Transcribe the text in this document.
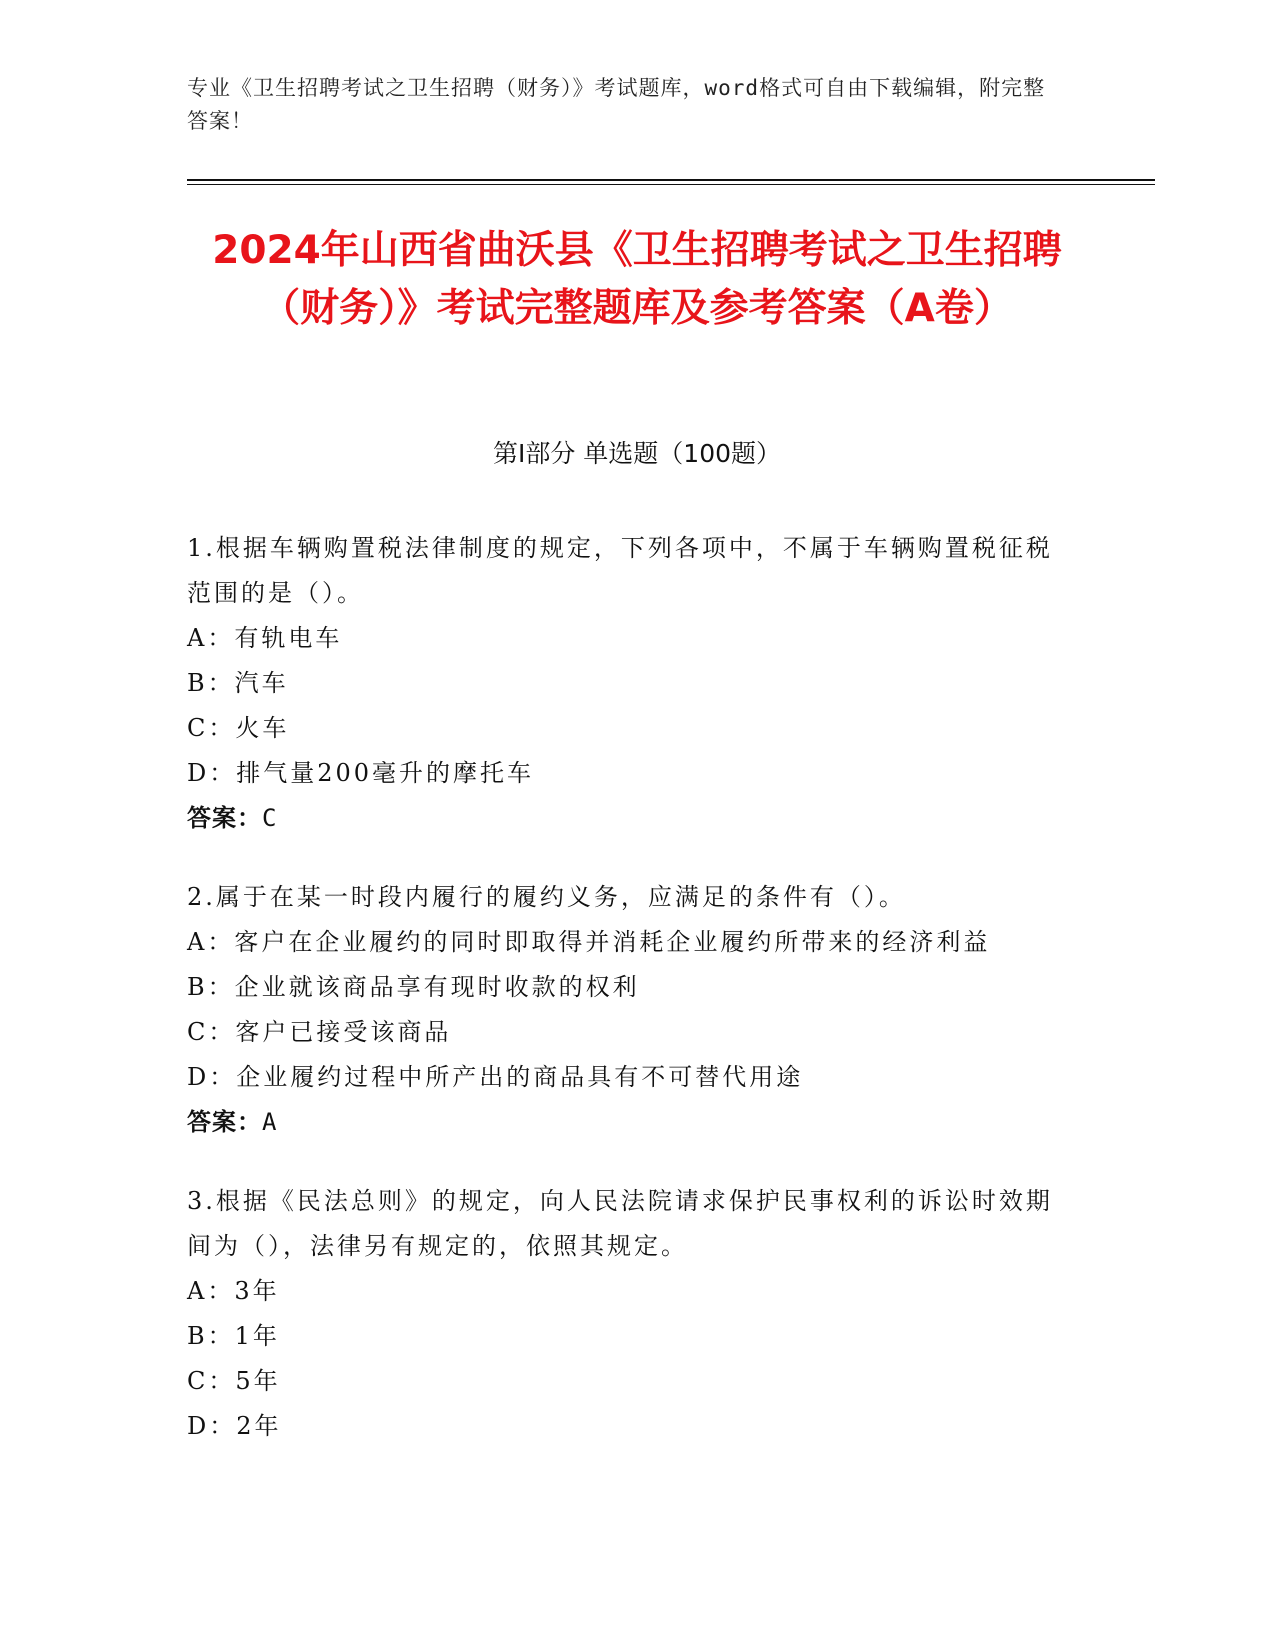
专业《卫生招聘考试之卫生招聘（财务）》考试题库，word格式可自由下载编辑，附完整答案！
2024年山西省曲沃县《卫生招聘考试之卫生招聘（财务）》考试完整题库及参考答案（A卷）
第I部分 单选题（100题）

1.根据车辆购置税法律制度的规定，下列各项中，不属于车辆购置税征税范围的是（）。

A：有轨电车

B：汽车

C：火车

D：排气量200毫升的摩托车

答案：C

2.属于在某一时段内履行的履约义务，应满足的条件有（）。

A：客户在企业履约的同时即取得并消耗企业履约所带来的经济利益

B：企业就该商品享有现时收款的权利

C：客户已接受该商品

D：企业履约过程中所产出的商品具有不可替代用途

答案：A

3.根据《民法总则》的规定，向人民法院请求保护民事权利的诉讼时效期间为（），法律另有规定的，依照其规定。

A：3年

B：1年

C：5年

D：2年
